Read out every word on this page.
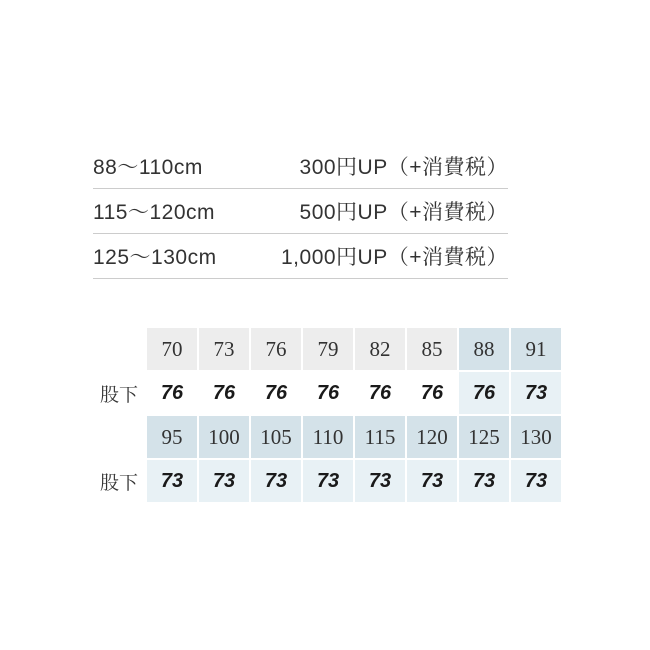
88〜110cm	300円UP（+消費税）
115〜120cm	500円UP（+消費税）
125〜130cm	1,000円UP（+消費税）
	70	73	76	79	82	85	88	91
股下	76	76	76	76	76	76	76	73
	95	100	105	110	115	120	125	130
股下	73	73	73	73	73	73	73	73
